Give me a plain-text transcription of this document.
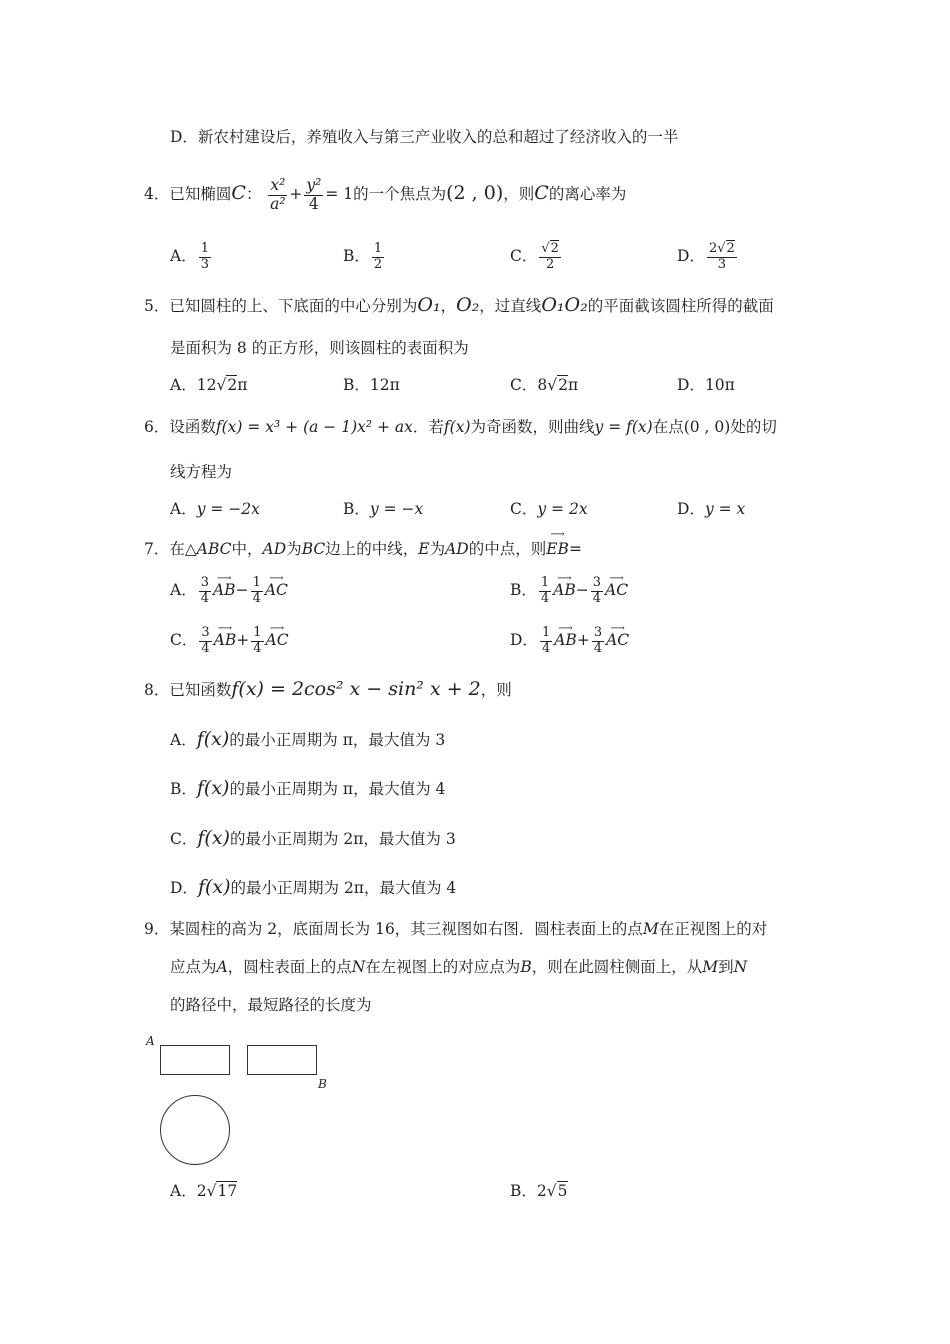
D．新农村建设后，养殖收入与第三产业收入的总和超过了经济收入的一半
4．已知椭圆C： $\frac{\text{x²}}{\text{a²}} + \frac{\text{y²}}{4} = 1$的一个焦点为(2 , 0)，则C的离心率为
A． $\frac{1}{3}$	B． $\frac{1}{2}$	C． $\frac{√2}{2}$	D． $\frac{2√2}{3}$
5．已知圆柱的上、下底面的中心分别为O₁，O₂，过直线O₁O₂的平面截该圆柱所得的截面
是面积为 8 的正方形，则该圆柱的表面积为
A．12√2π	B．12π	C．8√2π	D．10π
6．设函数f(x) = x³ + (a − 1)x² + ax．若f(x)为奇函数，则曲线y = f(x)在点(0 , 0)处的切
线方程为
A．y = −2x	B．y = −x	C．y = 2x	D．y = x
7．在△ABC中，AD为BC边上的中线，E为AD的中点，则⟶ EB=
A． $\frac{3}{4}$ ⟶ $AB- \frac{1}{4}$ ⟶ AC	B． $\frac{1}{4}$ ⟶ $AB- \frac{3}{4}$ ⟶ AC
C． $\frac{3}{4}$ ⟶ $AB+ \frac{1}{4}$ ⟶ AC	D． $\frac{1}{4}$ ⟶ $AB+ \frac{3}{4}$ ⟶ AC
8．已知函数f(x) = 2cos² x − sin² x + 2，则
A．f(x)的最小正周期为 π，最大值为 3
B．f(x)的最小正周期为 π，最大值为 4
C．f(x)的最小正周期为 2π，最大值为 3
D．f(x)的最小正周期为 2π，最大值为 4
9．某圆柱的高为 2，底面周长为 16，其三视图如右图．圆柱表面上的点M在正视图上的对
应点为A，圆柱表面上的点N在左视图上的对应点为B，则在此圆柱侧面上，从M到N
的路径中，最短路径的长度为
A
B
A．2√17	B．2√5
